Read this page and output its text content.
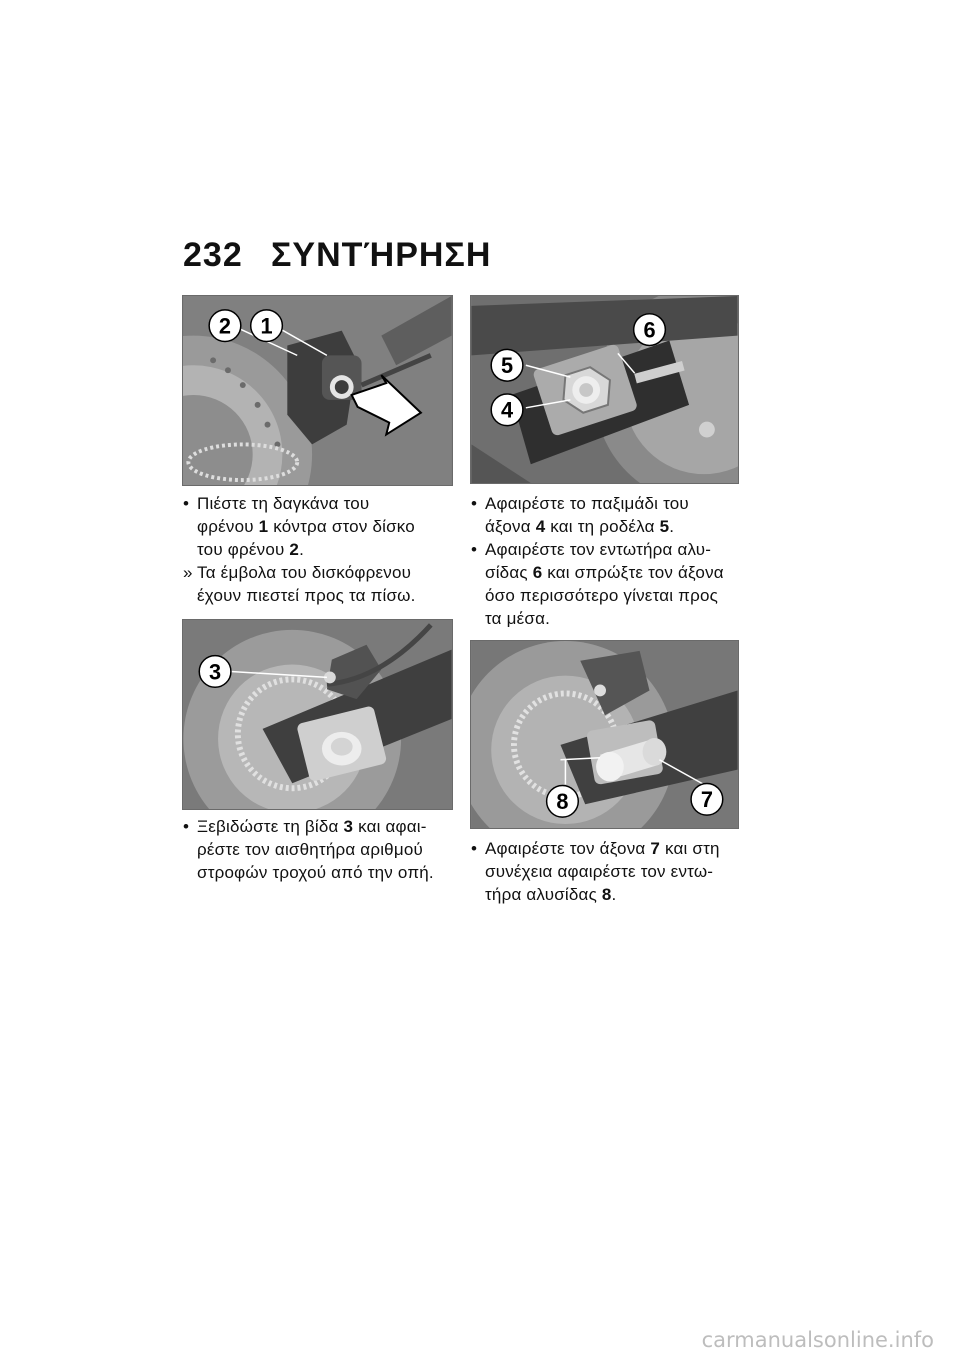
232 ΣΥΝΤΉΡΗΣΗ
2 1	6
5
4
3
8	7
• Πιέστε τη δαγκάνα του
φρένου 1 κόντρα στον δίσκο
του φρένου 2.
» Τα έμβολα του δισκόφρενου
έχουν πιεστεί προς τα πίσω.
• Αφαιρέστε το παξιμάδι του
άξονα 4 και τη ροδέλα 5.
• Αφαιρέστε τον εντωτήρα αλυ-
σίδας 6 και σπρώξτε τον άξονα
όσο περισσότερο γίνεται προς
τα μέσα.
• Ξεβιδώστε τη βίδα 3 και αφαι-
ρέστε τον αισθητήρα αριθμού
στροφών τροχού από την οπή.
• Αφαιρέστε τον άξονα 7 και στη
συνέχεια αφαιρέστε τον εντω-
τήρα αλυσίδας 8.
carmanualsonline.info
